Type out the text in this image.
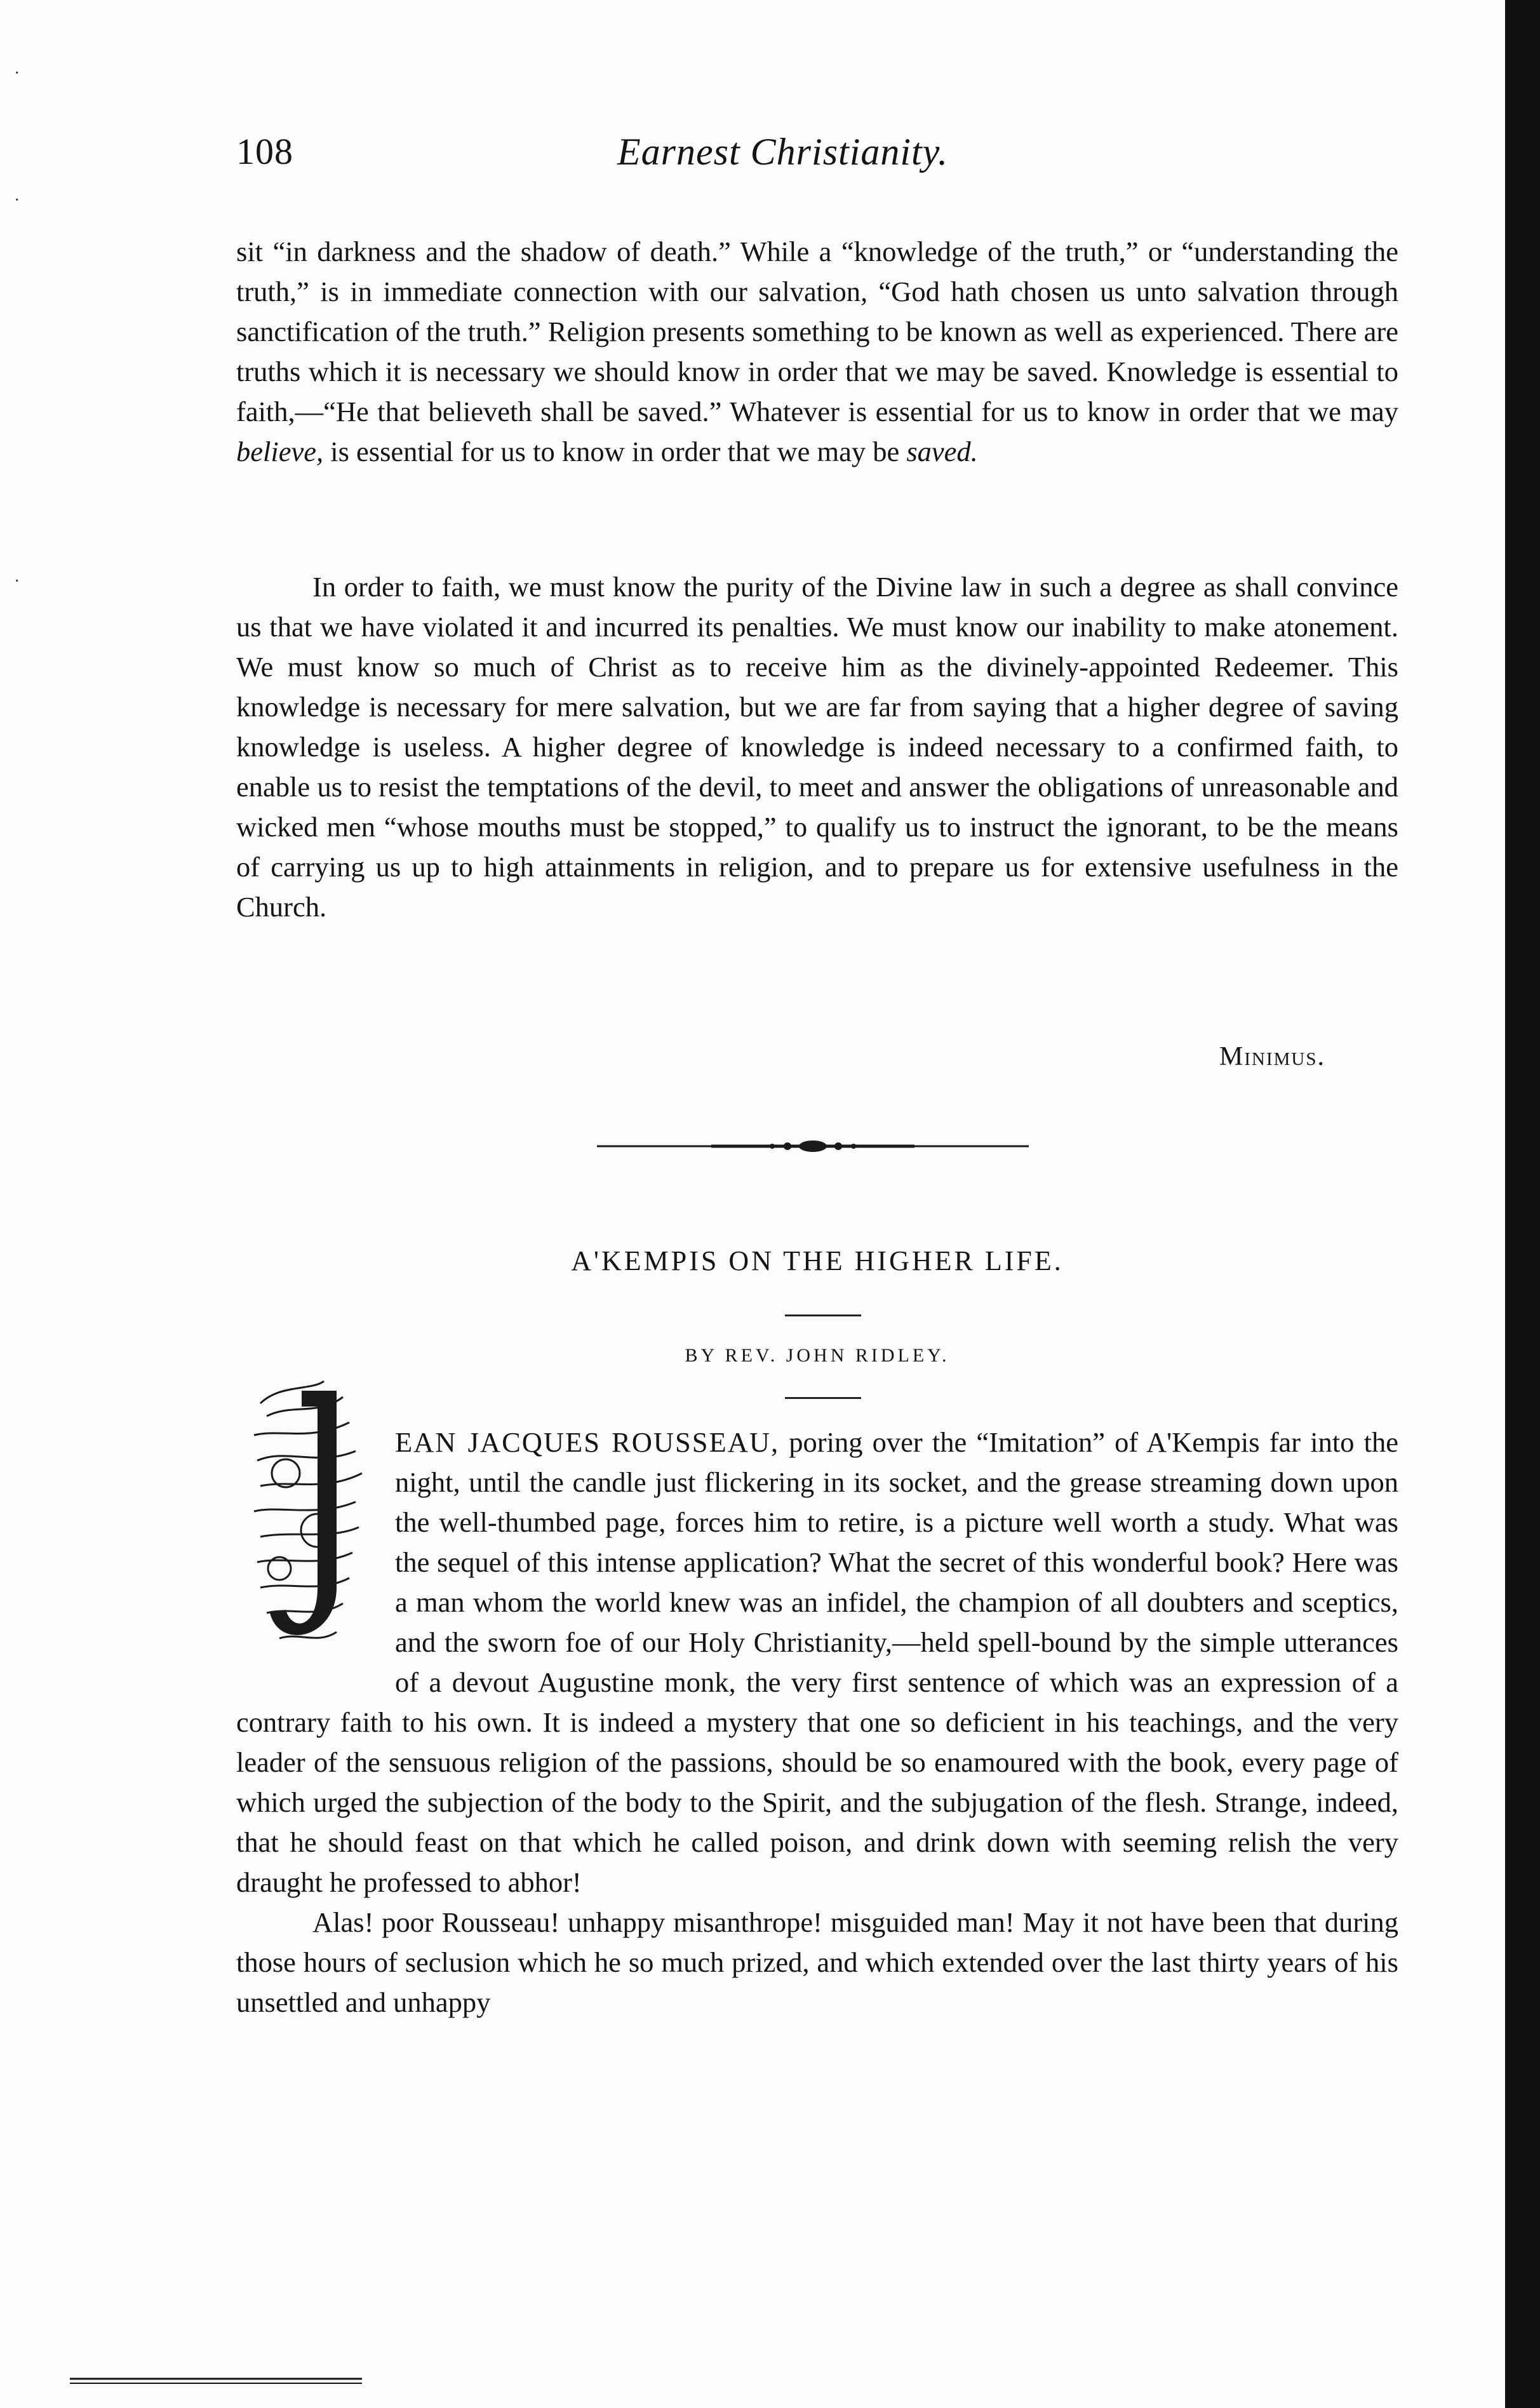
108	Earnest Christianity.

sit “in darkness and the shadow of death.” While a “knowledge of the truth,” or “understanding the truth,” is in immediate connection with our salvation, “God hath chosen us unto salvation through sanctification of the truth.” Religion presents something to be known as well as experienced. There are truths which it is necessary we should know in order that we may be saved. Knowledge is essential to faith,—“He that believeth shall be saved.” Whatever is essential for us to know in order that we may believe, is essential for us to know in order that we may be saved.

In order to faith, we must know the purity of the Divine law in such a degree as shall convince us that we have violated it and incurred its penalties. We must know our inability to make atonement. We must know so much of Christ as to receive him as the divinely-appointed Redeemer. This knowledge is necessary for mere salvation, but we are far from saying that a higher degree of saving knowledge is useless. A higher degree of knowledge is indeed necessary to a confirmed faith, to enable us to resist the temptations of the devil, to meet and answer the obligations of unreasonable and wicked men “whose mouths must be stopped,” to qualify us to instruct the ignorant, to be the means of carrying us up to high attainments in religion, and to prepare us for extensive usefulness in the Church.

Minimus.
A'KEMPIS ON THE HIGHER LIFE.
BY REV. JOHN RIDLEY.

EAN JACQUES ROUSSEAU, poring over the “Imitation” of A'Kempis far into the night, until the candle just flickering in its socket, and the grease streaming down upon the well-thumbed page, forces him to retire, is a picture well worth a study. What was the sequel of this intense application? What the secret of this wonderful book? Here was a man whom the world knew was an infidel, the champion of all doubters and sceptics, and the sworn foe of our Holy Christianity,—held spell-bound by the simple utterances of a devout Augustine monk, the very first sentence of which was an expression of a contrary faith to his own. It is indeed a mystery that one so deficient in his teachings, and the very leader of the sensuous religion of the passions, should be so enamoured with the book, every page of which urged the subjection of the body to the Spirit, and the subjugation of the flesh. Strange, indeed, that he should feast on that which he called poison, and drink down with seeming relish the very draught he professed to abhor!

Alas! poor Rousseau! unhappy misanthrope! misguided man! May it not have been that during those hours of seclusion which he so much prized, and which extended over the last thirty years of his unsettled and unhappy

·
·
·
